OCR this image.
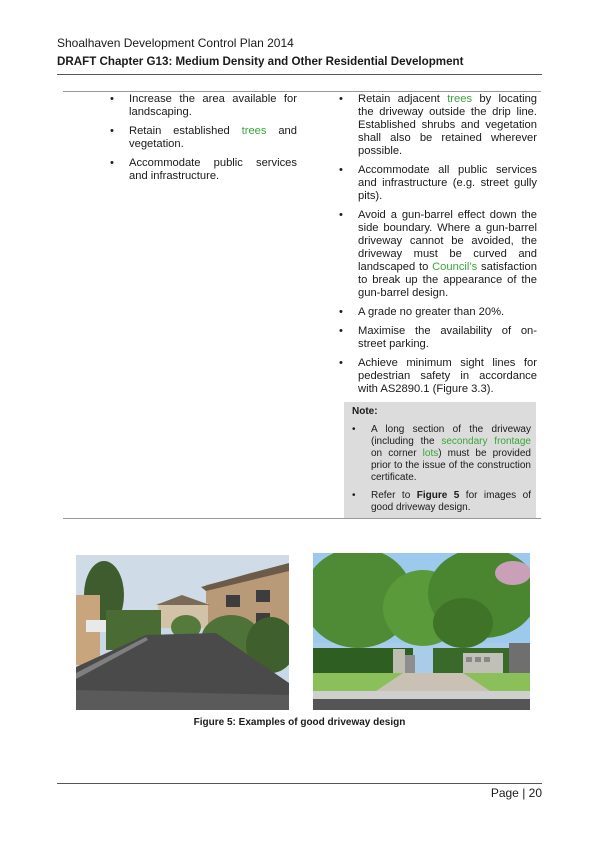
Shoalhaven Development Control Plan 2014
DRAFT Chapter G13: Medium Density and Other Residential Development
• Increase the area available for landscaping.
• Retain established trees and vegetation.
• Accommodate public services and infrastructure.
• Retain adjacent trees by locating the driveway outside the drip line. Established shrubs and vegetation shall also be retained wherever possible.
• Accommodate all public services and infrastructure (e.g. street gully pits).
• Avoid a gun-barrel effect down the side boundary. Where a gun-barrel driveway cannot be avoided, the driveway must be curved and landscaped to Council’s satisfaction to break up the appearance of the gun-barrel design.
• A grade no greater than 20%.
• Maximise the availability of on-street parking.
• Achieve minimum sight lines for pedestrian safety in accordance with AS2890.1 (Figure 3.3).
Note:
• A long section of the driveway (including the secondary frontage on corner lots) must be provided prior to the issue of the construction certificate.
• Refer to Figure 5 for images of good driveway design.
Figure 5: Examples of good driveway design
Page | 20
